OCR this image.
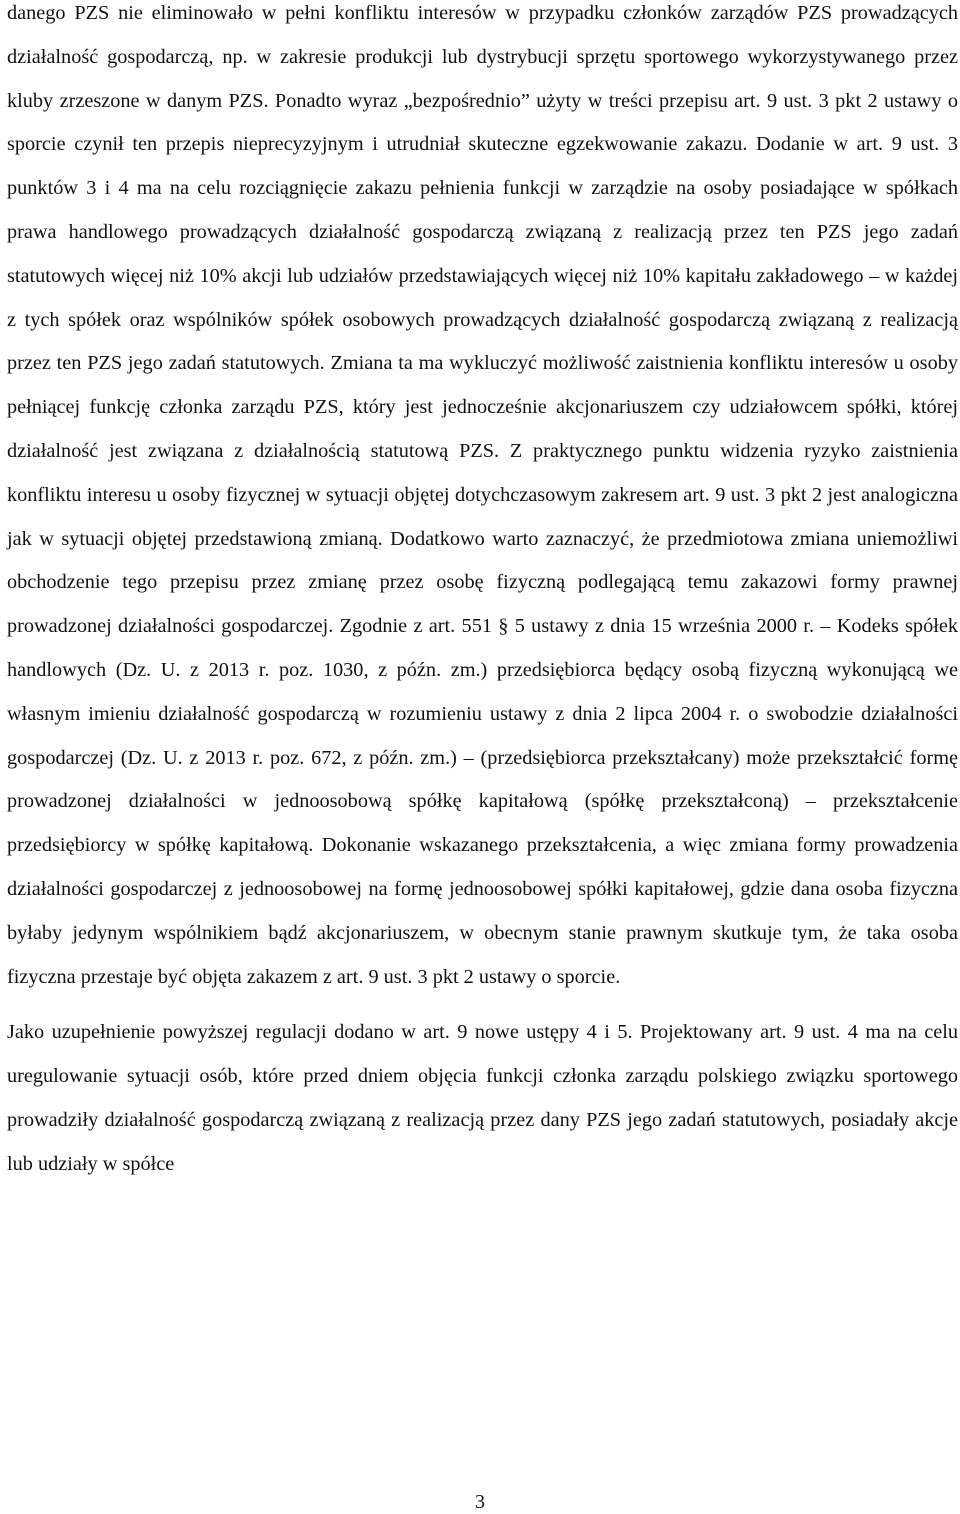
danego PZS nie eliminowało w pełni konfliktu interesów w przypadku członków zarządów PZS prowadzących działalność gospodarczą, np. w zakresie produkcji lub dystrybucji sprzętu sportowego wykorzystywanego przez kluby zrzeszone w danym PZS. Ponadto wyraz „bezpośrednio” użyty w treści przepisu art. 9 ust. 3 pkt 2 ustawy o sporcie czynił ten przepis nieprecyzyjnym i utrudniał skuteczne egzekwowanie zakazu. Dodanie w art. 9 ust. 3 punktów 3 i 4 ma na celu rozciągnięcie zakazu pełnienia funkcji w zarządzie na osoby posiadające w spółkach prawa handlowego prowadzących działalność gospodarczą związaną z realizacją przez ten PZS jego zadań statutowych więcej niż 10% akcji lub udziałów przedstawiających więcej niż 10% kapitału zakładowego – w każdej z tych spółek oraz wspólników spółek osobowych prowadzących działalność gospodarczą związaną z realizacją przez ten PZS jego zadań statutowych. Zmiana ta ma wykluczyć możliwość zaistnienia konfliktu interesów u osoby pełniącej funkcję członka zarządu PZS, który jest jednocześnie akcjonariuszem czy udziałowcem spółki, której działalność jest związana z działalnością statutową PZS. Z praktycznego punktu widzenia ryzyko zaistnienia konfliktu interesu u osoby fizycznej w sytuacji objętej dotychczasowym zakresem art. 9 ust. 3 pkt 2 jest analogiczna jak w sytuacji objętej przedstawioną zmianą. Dodatkowo warto zaznaczyć, że przedmiotowa zmiana uniemożliwi obchodzenie tego przepisu przez zmianę przez osobę fizyczną podlegającą temu zakazowi formy prawnej prowadzonej działalności gospodarczej. Zgodnie z art. 551 § 5 ustawy z dnia 15 września 2000 r. – Kodeks spółek handlowych (Dz. U. z 2013 r. poz. 1030, z późn. zm.) przedsiębiorca będący osobą fizyczną wykonującą we własnym imieniu działalność gospodarczą w rozumieniu ustawy z dnia 2 lipca 2004 r. o swobodzie działalności gospodarczej (Dz. U. z 2013 r. poz. 672, z późn. zm.) – (przedsiębiorca przekształcany) może przekształcić formę prowadzonej działalności w jednoosobową spółkę kapitałową (spółkę przekształconą) – przekształcenie przedsiębiorcy w spółkę kapitałową. Dokonanie wskazanego przekształcenia, a więc zmiana formy prowadzenia działalności gospodarczej z jednoosobowej na formę jednoosobowej spółki kapitałowej, gdzie dana osoba fizyczna byłaby jedynym wspólnikiem bądź akcjonariuszem, w obecnym stanie prawnym skutkuje tym, że taka osoba fizyczna przestaje być objęta zakazem z art. 9 ust. 3 pkt 2 ustawy o sporcie.

Jako uzupełnienie powyższej regulacji dodano w art. 9 nowe ustępy 4 i 5. Projektowany art. 9 ust. 4 ma na celu uregulowanie sytuacji osób, które przed dniem objęcia funkcji członka zarządu polskiego związku sportowego prowadziły działalność gospodarczą związaną z realizacją przez dany PZS jego zadań statutowych, posiadały akcje lub udziały w spółce

3
